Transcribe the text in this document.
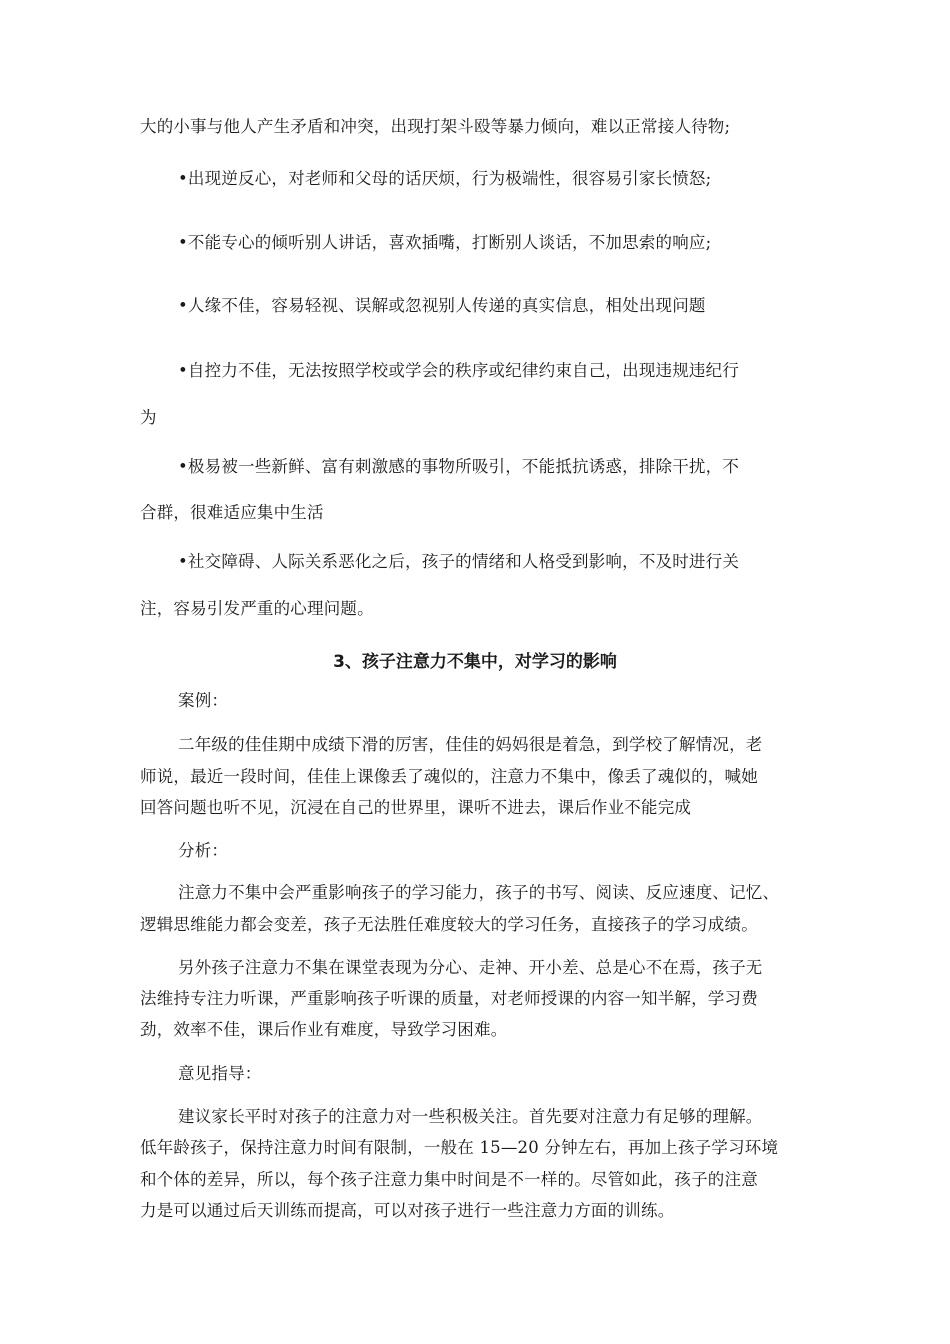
大的小事与他人产生矛盾和冲突，出现打架斗殴等暴力倾向，难以正常接人待物;
•出现逆反心，对老师和父母的话厌烦，行为极端性，很容易引家长愤怒;
•不能专心的倾听别人讲话，喜欢插嘴，打断别人谈话，不加思索的响应;
•人缘不佳，容易轻视、误解或忽视别人传递的真实信息，相处出现问题
•自控力不佳，无法按照学校或学会的秩序或纪律约束自己，出现违规违纪行
为
•极易被一些新鲜、富有刺激感的事物所吸引，不能抵抗诱惑，排除干扰，不
合群，很难适应集中生活
•社交障碍、人际关系恶化之后，孩子的情绪和人格受到影响，不及时进行关
注，容易引发严重的心理问题。
3、孩子注意力不集中，对学习的影响
案例：
二年级的佳佳期中成绩下滑的厉害，佳佳的妈妈很是着急，到学校了解情况，老
师说，最近一段时间，佳佳上课像丢了魂似的，注意力不集中，像丢了魂似的，喊她
回答问题也听不见，沉浸在自己的世界里，课听不进去，课后作业不能完成
分析：
注意力不集中会严重影响孩子的学习能力，孩子的书写、阅读、反应速度、记忆、
逻辑思维能力都会变差，孩子无法胜任难度较大的学习任务，直接孩子的学习成绩。
另外孩子注意力不集在课堂表现为分心、走神、开小差、总是心不在焉，孩子无
法维持专注力听课，严重影响孩子听课的质量，对老师授课的内容一知半解，学习费
劲，效率不佳，课后作业有难度，导致学习困难。
意见指导：
建议家长平时对孩子的注意力对一些积极关注。首先要对注意力有足够的理解。
低年龄孩子，保持注意力时间有限制，一般在 15—20 分钟左右，再加上孩子学习环境
和个体的差异，所以，每个孩子注意力集中时间是不一样的。尽管如此，孩子的注意
力是可以通过后天训练而提高，可以对孩子进行一些注意力方面的训练。
